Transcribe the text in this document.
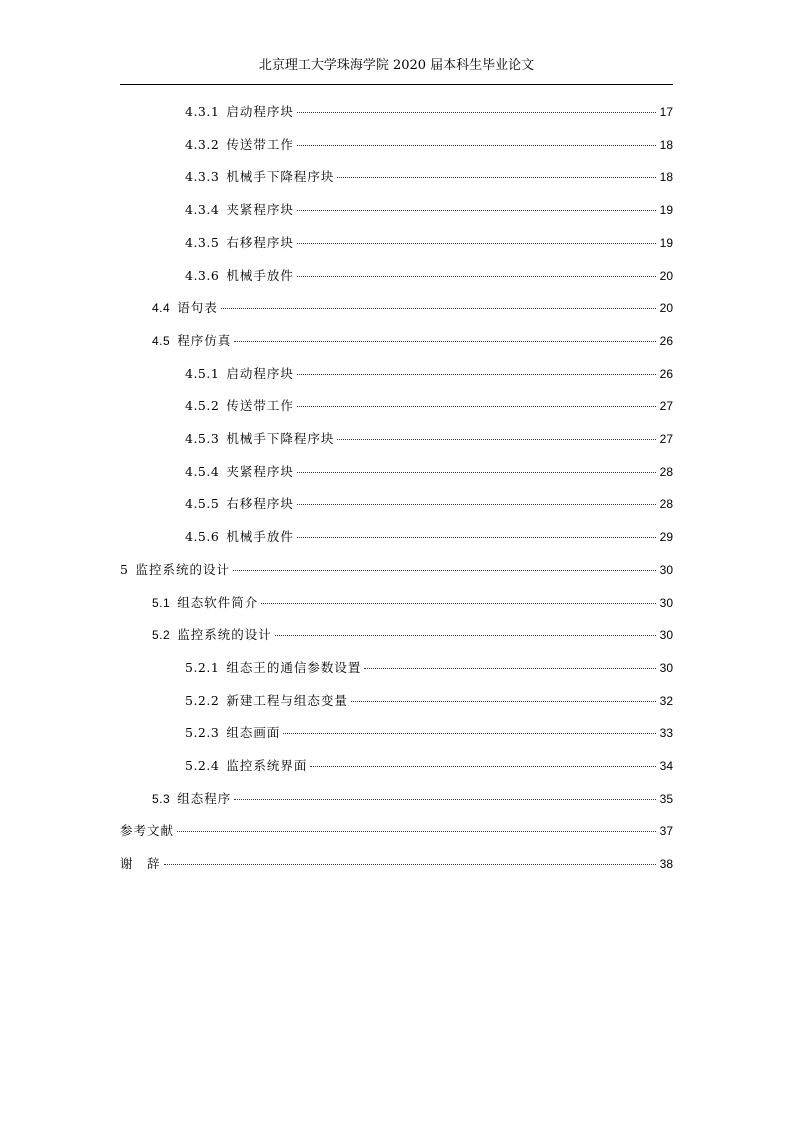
北京理工大学珠海学院 2020 届本科生毕业论文
4.3.1 启动程序块	17
4.3.2 传送带工作	18
4.3.3 机械手下降程序块	18
4.3.4 夹紧程序块	19
4.3.5 右移程序块	19
4.3.6 机械手放件	20
4.4 语句表	20
4.5 程序仿真	26
4.5.1 启动程序块	26
4.5.2 传送带工作	27
4.5.3 机械手下降程序块	27
4.5.4 夹紧程序块	28
4.5.5 右移程序块	28
4.5.6 机械手放件	29
5 监控系统的设计	30
5.1 组态软件简介	30
5.2 监控系统的设计	30
5.2.1 组态王的通信参数设置	30
5.2.2 新建工程与组态变量	32
5.2.3 组态画面	33
5.2.4 监控系统界面	34
5.3 组态程序	35
参考文献	37
谢　辞	38
